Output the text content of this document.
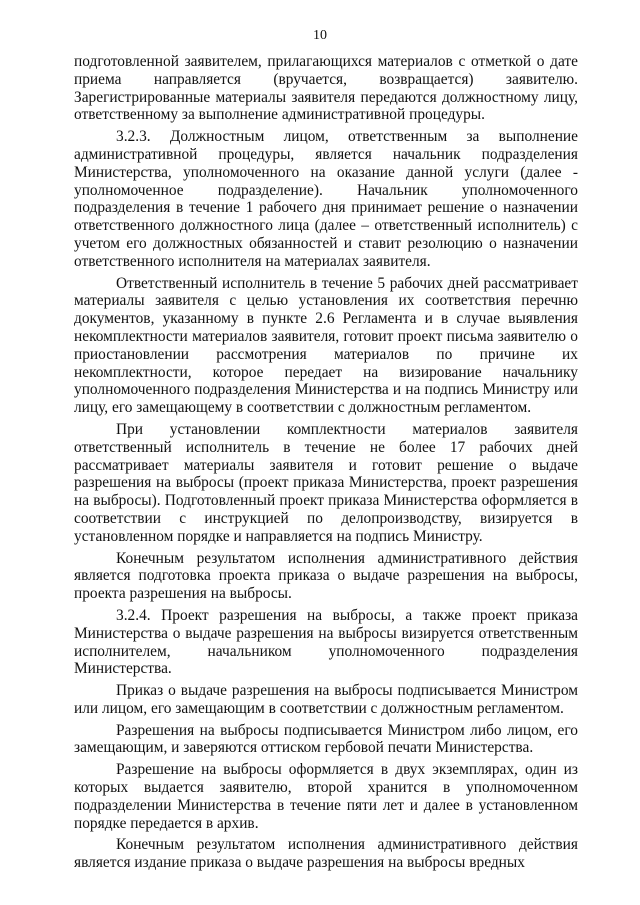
10

подготовленной заявителем, прилагающихся материалов с отметкой о дате приема направляется (вручается, возвращается) заявителю. Зарегистрированные материалы заявителя передаются должностному лицу, ответственному за выполнение административной процедуры.

3.2.3. Должностным лицом, ответственным за выполнение административной процедуры, является начальник подразделения Министерства, уполномоченного на оказание данной услуги (далее - уполномоченное подразделение). Начальник уполномоченного подразделения в течение 1 рабочего дня принимает решение о назначении ответственного должностного лица (далее – ответственный исполнитель) с учетом его должностных обязанностей и ставит резолюцию о назначении ответственного исполнителя на материалах заявителя.

Ответственный исполнитель в течение 5 рабочих дней рассматривает материалы заявителя с целью установления их соответствия перечню документов, указанному в пункте 2.6 Регламента и в случае выявления некомплектности материалов заявителя, готовит проект письма заявителю о приостановлении рассмотрения материалов по причине их некомплектности, которое передает на визирование начальнику уполномоченного подразделения Министерства и на подпись Министру или лицу, его замещающему в соответствии с должностным регламентом.

При установлении комплектности материалов заявителя ответственный исполнитель в течение не более 17 рабочих дней рассматривает материалы заявителя и готовит решение о выдаче разрешения на выбросы (проект приказа Министерства, проект разрешения на выбросы). Подготовленный проект приказа Министерства оформляется в соответствии с инструкцией по делопроизводству, визируется в установленном порядке и направляется на подпись Министру.

Конечным результатом исполнения административного действия является подготовка проекта приказа о выдаче разрешения на выбросы, проекта разрешения на выбросы.

3.2.4. Проект разрешения на выбросы, а также проект приказа Министерства о выдаче разрешения на выбросы визируется ответственным исполнителем, начальником уполномоченного подразделения Министерства.

Приказ о выдаче разрешения на выбросы подписывается Министром или лицом, его замещающим в соответствии с должностным регламентом.

Разрешения на выбросы подписывается Министром либо лицом, его замещающим, и заверяются оттиском гербовой печати Министерства.

Разрешение на выбросы оформляется в двух экземплярах, один из которых выдается заявителю, второй хранится в уполномоченном подразделении Министерства в течение пяти лет и далее в установленном порядке передается в архив.

Конечным результатом исполнения административного действия является издание приказа о выдаче разрешения на выбросы вредных
